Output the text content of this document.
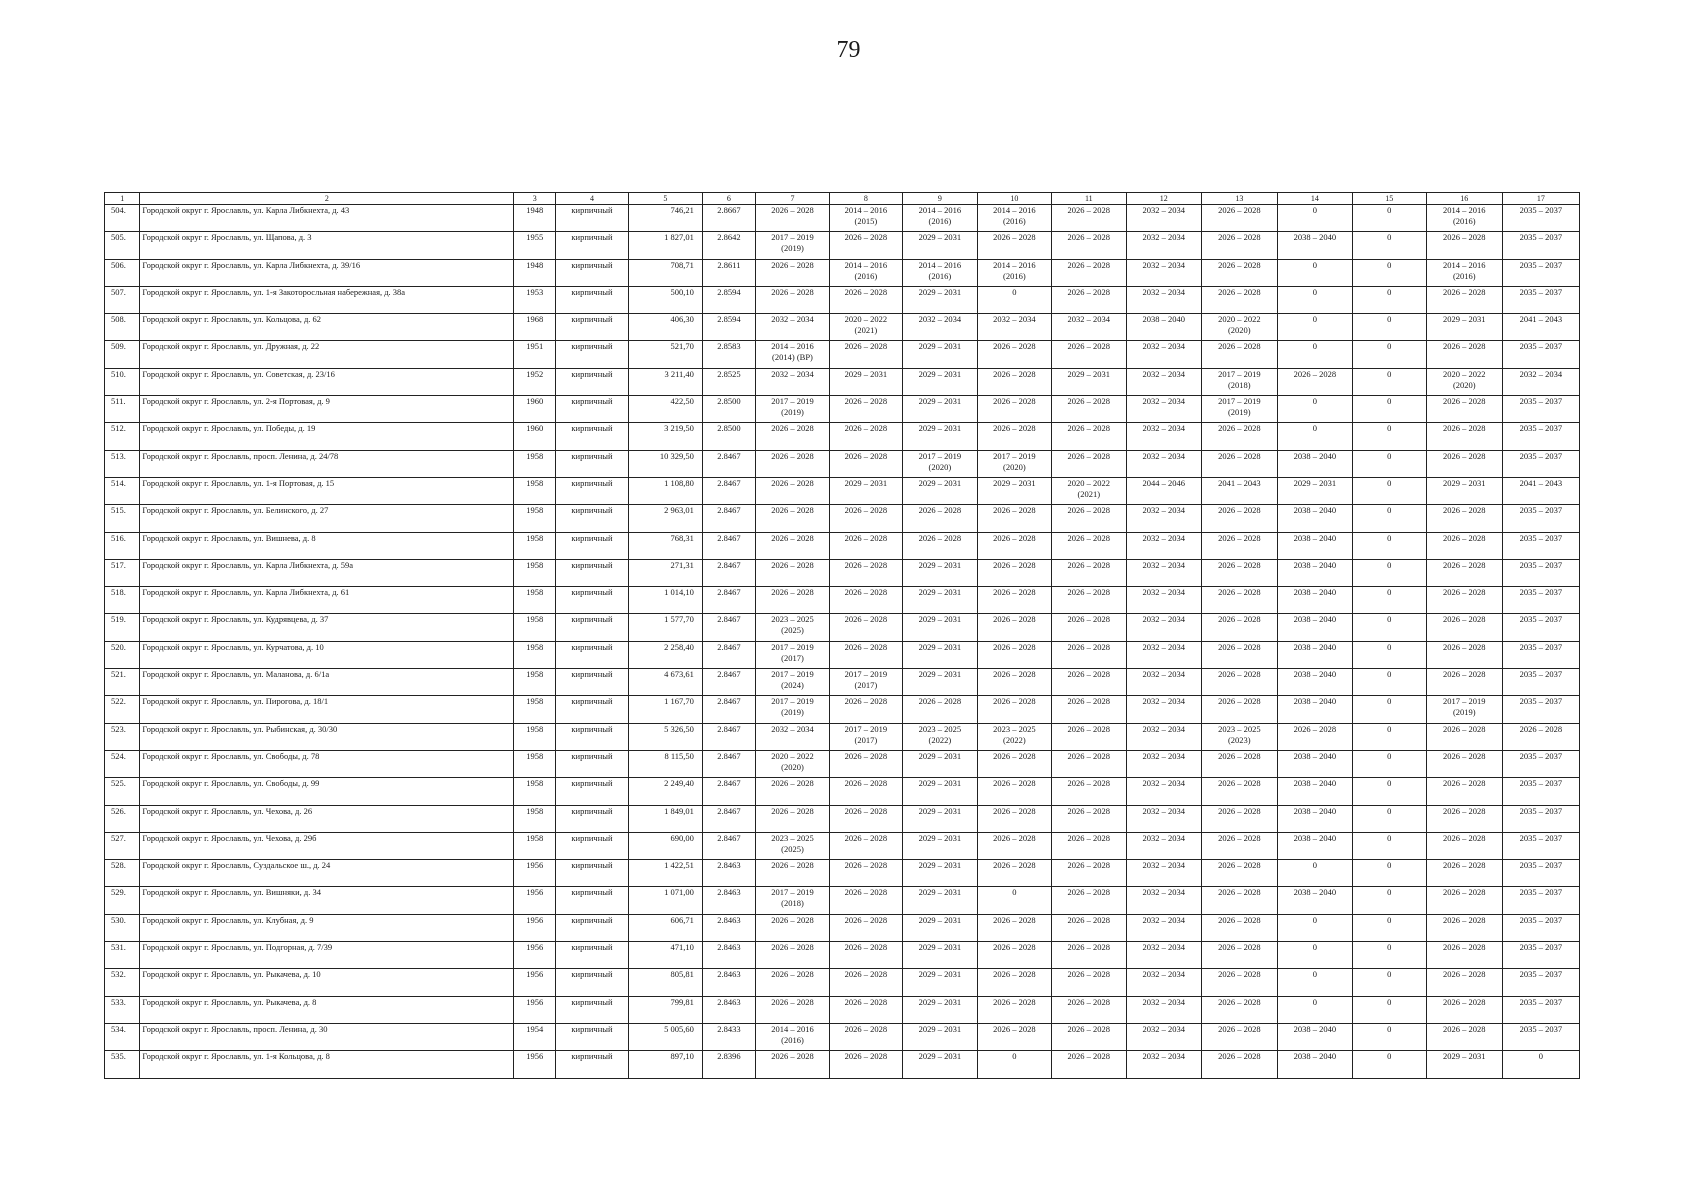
79
1	2	3	4	5	6	7	8	9	10	11	12	13	14	15	16	17
504.	Городской округ г. Ярославль, ул. Карла Либкнехта, д. 43	1948	кирпичный	746,21	2.8667	2026 – 2028	2014 – 2016
(2015)	2014 – 2016
(2016)	2014 – 2016
(2016)	2026 – 2028	2032 – 2034	2026 – 2028	0	0	2014 – 2016
(2016)	2035 – 2037
505.	Городской округ г. Ярославль, ул. Щапова, д. 3	1955	кирпичный	1 827,01	2.8642	2017 – 2019
(2019)	2026 – 2028	2029 – 2031	2026 – 2028	2026 – 2028	2032 – 2034	2026 – 2028	2038 – 2040	0	2026 – 2028	2035 – 2037
506.	Городской округ г. Ярославль, ул. Карла Либкнехта, д. 39/16	1948	кирпичный	708,71	2.8611	2026 – 2028	2014 – 2016
(2016)	2014 – 2016
(2016)	2014 – 2016
(2016)	2026 – 2028	2032 – 2034	2026 – 2028	0	0	2014 – 2016
(2016)	2035 – 2037
507.	Городской округ г. Ярославль, ул. 1-я Закоторосльная набережная, д. 38а	1953	кирпичный	500,10	2.8594	2026 – 2028	2026 – 2028	2029 – 2031	0	2026 – 2028	2032 – 2034	2026 – 2028	0	0	2026 – 2028	2035 – 2037
508.	Городской округ г. Ярославль, ул. Кольцова, д. 62	1968	кирпичный	406,30	2.8594	2032 – 2034	2020 – 2022
(2021)	2032 – 2034	2032 – 2034	2032 – 2034	2038 – 2040	2020 – 2022
(2020)	0	0	2029 – 2031	2041 – 2043
509.	Городской округ г. Ярославль, ул. Дружная, д. 22	1951	кирпичный	521,70	2.8583	2014 – 2016
(2014) (ВР)	2026 – 2028	2029 – 2031	2026 – 2028	2026 – 2028	2032 – 2034	2026 – 2028	0	0	2026 – 2028	2035 – 2037
510.	Городской округ г. Ярославль, ул. Советская, д. 23/16	1952	кирпичный	3 211,40	2.8525	2032 – 2034	2029 – 2031	2029 – 2031	2026 – 2028	2029 – 2031	2032 – 2034	2017 – 2019
(2018)	2026 – 2028	0	2020 – 2022
(2020)	2032 – 2034
511.	Городской округ г. Ярославль, ул. 2-я Портовая, д. 9	1960	кирпичный	422,50	2.8500	2017 – 2019
(2019)	2026 – 2028	2029 – 2031	2026 – 2028	2026 – 2028	2032 – 2034	2017 – 2019
(2019)	0	0	2026 – 2028	2035 – 2037
512.	Городской округ г. Ярославль, ул. Победы, д. 19	1960	кирпичный	3 219,50	2.8500	2026 – 2028	2026 – 2028	2029 – 2031	2026 – 2028	2026 – 2028	2032 – 2034	2026 – 2028	0	0	2026 – 2028	2035 – 2037
513.	Городской округ г. Ярославль, просп. Ленина, д. 24/78	1958	кирпичный	10 329,50	2.8467	2026 – 2028	2026 – 2028	2017 – 2019
(2020)	2017 – 2019
(2020)	2026 – 2028	2032 – 2034	2026 – 2028	2038 – 2040	0	2026 – 2028	2035 – 2037
514.	Городской округ г. Ярославль, ул. 1-я Портовая, д. 15	1958	кирпичный	1 108,80	2.8467	2026 – 2028	2029 – 2031	2029 – 2031	2029 – 2031	2020 – 2022
(2021)	2044 – 2046	2041 – 2043	2029 – 2031	0	2029 – 2031	2041 – 2043
515.	Городской округ г. Ярославль, ул. Белинского, д. 27	1958	кирпичный	2 963,01	2.8467	2026 – 2028	2026 – 2028	2026 – 2028	2026 – 2028	2026 – 2028	2032 – 2034	2026 – 2028	2038 – 2040	0	2026 – 2028	2035 – 2037
516.	Городской округ г. Ярославль, ул. Вишнева, д. 8	1958	кирпичный	768,31	2.8467	2026 – 2028	2026 – 2028	2026 – 2028	2026 – 2028	2026 – 2028	2032 – 2034	2026 – 2028	2038 – 2040	0	2026 – 2028	2035 – 2037
517.	Городской округ г. Ярославль, ул. Карла Либкнехта, д. 59а	1958	кирпичный	271,31	2.8467	2026 – 2028	2026 – 2028	2029 – 2031	2026 – 2028	2026 – 2028	2032 – 2034	2026 – 2028	2038 – 2040	0	2026 – 2028	2035 – 2037
518.	Городской округ г. Ярославль, ул. Карла Либкнехта, д. 61	1958	кирпичный	1 014,10	2.8467	2026 – 2028	2026 – 2028	2029 – 2031	2026 – 2028	2026 – 2028	2032 – 2034	2026 – 2028	2038 – 2040	0	2026 – 2028	2035 – 2037
519.	Городской округ г. Ярославль, ул. Кудрявцева, д. 37	1958	кирпичный	1 577,70	2.8467	2023 – 2025
(2025)	2026 – 2028	2029 – 2031	2026 – 2028	2026 – 2028	2032 – 2034	2026 – 2028	2038 – 2040	0	2026 – 2028	2035 – 2037
520.	Городской округ г. Ярославль, ул. Курчатова, д. 10	1958	кирпичный	2 258,40	2.8467	2017 – 2019
(2017)	2026 – 2028	2029 – 2031	2026 – 2028	2026 – 2028	2032 – 2034	2026 – 2028	2038 – 2040	0	2026 – 2028	2035 – 2037
521.	Городской округ г. Ярославль, ул. Маланова, д. 6/1а	1958	кирпичный	4 673,61	2.8467	2017 – 2019
(2024)	2017 – 2019
(2017)	2029 – 2031	2026 – 2028	2026 – 2028	2032 – 2034	2026 – 2028	2038 – 2040	0	2026 – 2028	2035 – 2037
522.	Городской округ г. Ярославль, ул. Пирогова, д. 18/1	1958	кирпичный	1 167,70	2.8467	2017 – 2019
(2019)	2026 – 2028	2026 – 2028	2026 – 2028	2026 – 2028	2032 – 2034	2026 – 2028	2038 – 2040	0	2017 – 2019
(2019)	2035 – 2037
523.	Городской округ г. Ярославль, ул. Рыбинская, д. 30/30	1958	кирпичный	5 326,50	2.8467	2032 – 2034	2017 – 2019
(2017)	2023 – 2025
(2022)	2023 – 2025
(2022)	2026 – 2028	2032 – 2034	2023 – 2025
(2023)	2026 – 2028	0	2026 – 2028	2026 – 2028
524.	Городской округ г. Ярославль, ул. Свободы, д. 78	1958	кирпичный	8 115,50	2.8467	2020 – 2022
(2020)	2026 – 2028	2029 – 2031	2026 – 2028	2026 – 2028	2032 – 2034	2026 – 2028	2038 – 2040	0	2026 – 2028	2035 – 2037
525.	Городской округ г. Ярославль, ул. Свободы, д. 99	1958	кирпичный	2 249,40	2.8467	2026 – 2028	2026 – 2028	2029 – 2031	2026 – 2028	2026 – 2028	2032 – 2034	2026 – 2028	2038 – 2040	0	2026 – 2028	2035 – 2037
526.	Городской округ г. Ярославль, ул. Чехова, д. 26	1958	кирпичный	1 849,01	2.8467	2026 – 2028	2026 – 2028	2029 – 2031	2026 – 2028	2026 – 2028	2032 – 2034	2026 – 2028	2038 – 2040	0	2026 – 2028	2035 – 2037
527.	Городской округ г. Ярославль, ул. Чехова, д. 29б	1958	кирпичный	690,00	2.8467	2023 – 2025
(2025)	2026 – 2028	2029 – 2031	2026 – 2028	2026 – 2028	2032 – 2034	2026 – 2028	2038 – 2040	0	2026 – 2028	2035 – 2037
528.	Городской округ г. Ярославль, Суздальское ш., д. 24	1956	кирпичный	1 422,51	2.8463	2026 – 2028	2026 – 2028	2029 – 2031	2026 – 2028	2026 – 2028	2032 – 2034	2026 – 2028	0	0	2026 – 2028	2035 – 2037
529.	Городской округ г. Ярославль, ул. Вишняки, д. 34	1956	кирпичный	1 071,00	2.8463	2017 – 2019
(2018)	2026 – 2028	2029 – 2031	0	2026 – 2028	2032 – 2034	2026 – 2028	2038 – 2040	0	2026 – 2028	2035 – 2037
530.	Городской округ г. Ярославль, ул. Клубная, д. 9	1956	кирпичный	606,71	2.8463	2026 – 2028	2026 – 2028	2029 – 2031	2026 – 2028	2026 – 2028	2032 – 2034	2026 – 2028	0	0	2026 – 2028	2035 – 2037
531.	Городской округ г. Ярославль, ул. Подгорная, д. 7/39	1956	кирпичный	471,10	2.8463	2026 – 2028	2026 – 2028	2029 – 2031	2026 – 2028	2026 – 2028	2032 – 2034	2026 – 2028	0	0	2026 – 2028	2035 – 2037
532.	Городской округ г. Ярославль, ул. Рыкачева, д. 10	1956	кирпичный	805,81	2.8463	2026 – 2028	2026 – 2028	2029 – 2031	2026 – 2028	2026 – 2028	2032 – 2034	2026 – 2028	0	0	2026 – 2028	2035 – 2037
533.	Городской округ г. Ярославль, ул. Рыкачева, д. 8	1956	кирпичный	799,81	2.8463	2026 – 2028	2026 – 2028	2029 – 2031	2026 – 2028	2026 – 2028	2032 – 2034	2026 – 2028	0	0	2026 – 2028	2035 – 2037
534.	Городской округ г. Ярославль, просп. Ленина, д. 30	1954	кирпичный	5 005,60	2.8433	2014 – 2016
(2016)	2026 – 2028	2029 – 2031	2026 – 2028	2026 – 2028	2032 – 2034	2026 – 2028	2038 – 2040	0	2026 – 2028	2035 – 2037
535.	Городской округ г. Ярославль, ул. 1-я Кольцова, д. 8	1956	кирпичный	897,10	2.8396	2026 – 2028	2026 – 2028	2029 – 2031	0	2026 – 2028	2032 – 2034	2026 – 2028	2038 – 2040	0	2029 – 2031	0
